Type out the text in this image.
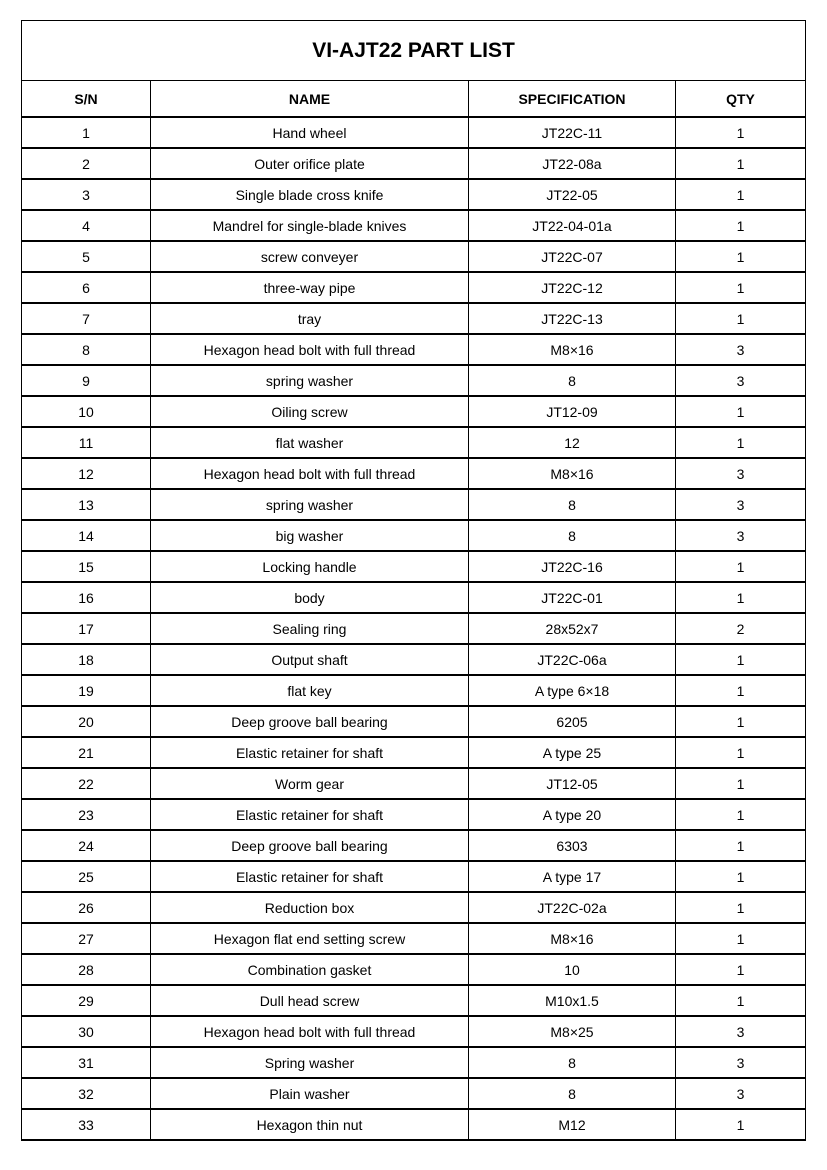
VI-AJT22 PART LIST			
S/N	NAME	SPECIFICATION	QTY
1	Hand wheel	JT22C-11	1
2	Outer orifice plate	JT22-08a	1
3	Single blade cross knife	JT22-05	1
4	Mandrel for single-blade knives	JT22-04-01a	1
5	screw conveyer	JT22C-07	1
6	three-way pipe	JT22C-12	1
7	tray	JT22C-13	1
8	Hexagon head bolt with full thread	M8×16	3
9	spring washer	8	3
10	Oiling screw	JT12-09	1
11	flat washer	12	1
12	Hexagon head bolt with full thread	M8×16	3
13	spring washer	8	3
14	big washer	8	3
15	Locking handle	JT22C-16	1
16	body	JT22C-01	1
17	Sealing ring	28x52x7	2
18	Output shaft	JT22C-06a	1
19	flat key	A type 6×18	1
20	Deep groove ball bearing	6205	1
21	Elastic retainer for shaft	A type 25	1
22	Worm gear	JT12-05	1
23	Elastic retainer for shaft	A type 20	1
24	Deep groove ball bearing	6303	1
25	Elastic retainer for shaft	A type 17	1
26	Reduction box	JT22C-02a	1
27	Hexagon flat end setting screw	M8×16	1
28	Combination gasket	10	1
29	Dull head screw	M10x1.5	1
30	Hexagon head bolt with full thread	M8×25	3
31	Spring washer	8	3
32	Plain washer	8	3
33	Hexagon thin nut	M12	1
